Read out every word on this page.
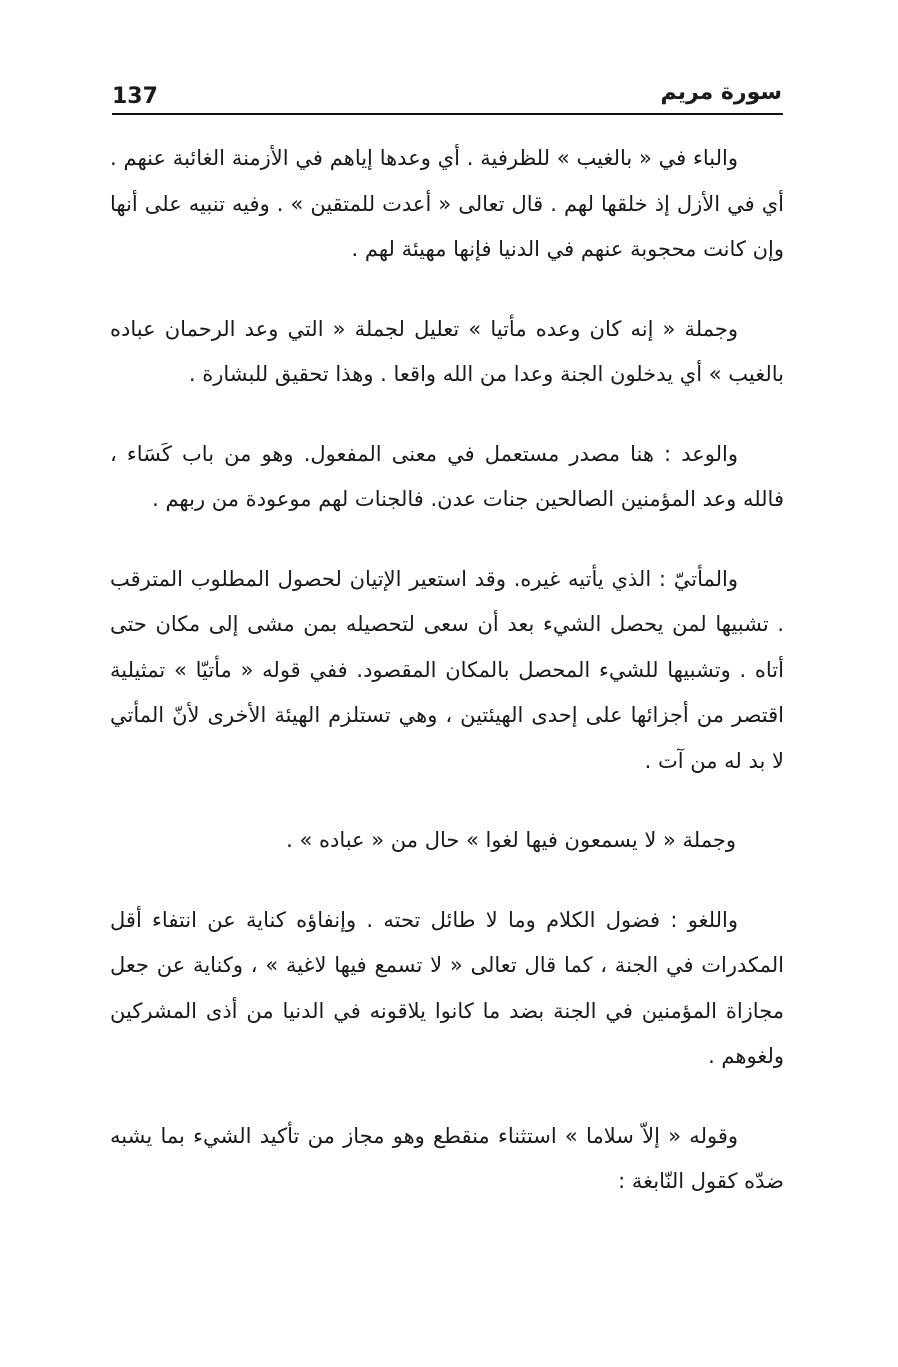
137	سورة مريم

والباء في « بالغيب » للظرفية . أي وعدها إياهم في الأزمنة الغائبة عنهم . أي في الأزل إذ خلقها لهم . قال تعالى « أعدت للمتقين » . وفيه تنبيه على أنها وإن كانت محجوبة عنهم في الدنيا فإنها مهيئة لهم .

وجملة « إنه كان وعده مأتيا » تعليل لجملة « التي وعد الرحمان عباده بالغيب » أي يدخلون الجنة وعدا من الله واقعا . وهذا تحقيق للبشارة .

والوعد : هنا مصدر مستعمل في معنى المفعول. وهو من باب كَسَاء ، فالله وعد المؤمنين الصالحين جنات عدن. فالجنات لهم موعودة من ربهم .

والمأتيّ : الذي يأتيه غيره. وقد استعير الإتيان لحصول المطلوب المترقب . تشبيها لمن يحصل الشيء بعد أن سعى لتحصيله بمن مشى إلى مكان حتى أتاه . وتشبيها للشيء المحصل بالمكان المقصود. ففي قوله « مأتيّا » تمثيلية اقتصر من أجزائها على إحدى الهيئتين ، وهي تستلزم الهيئة الأخرى لأنّ المأتي لا بد له من آت .

وجملة « لا يسمعون فيها لغوا » حال من « عباده » .

واللغو : فضول الكلام وما لا طائل تحته . وإنفاؤه كناية عن انتفاء أقل المكدرات في الجنة ، كما قال تعالى « لا تسمع فيها لاغية » ، وكناية عن جعل مجازاة المؤمنين في الجنة بضد ما كانوا يلاقونه في الدنيا من أذى المشركين ولغوهم .

وقوله « إلاّ سلاما » استثناء منقطع وهو مجاز من تأكيد الشيء بما يشبه ضدّه كقول النّابغة :
